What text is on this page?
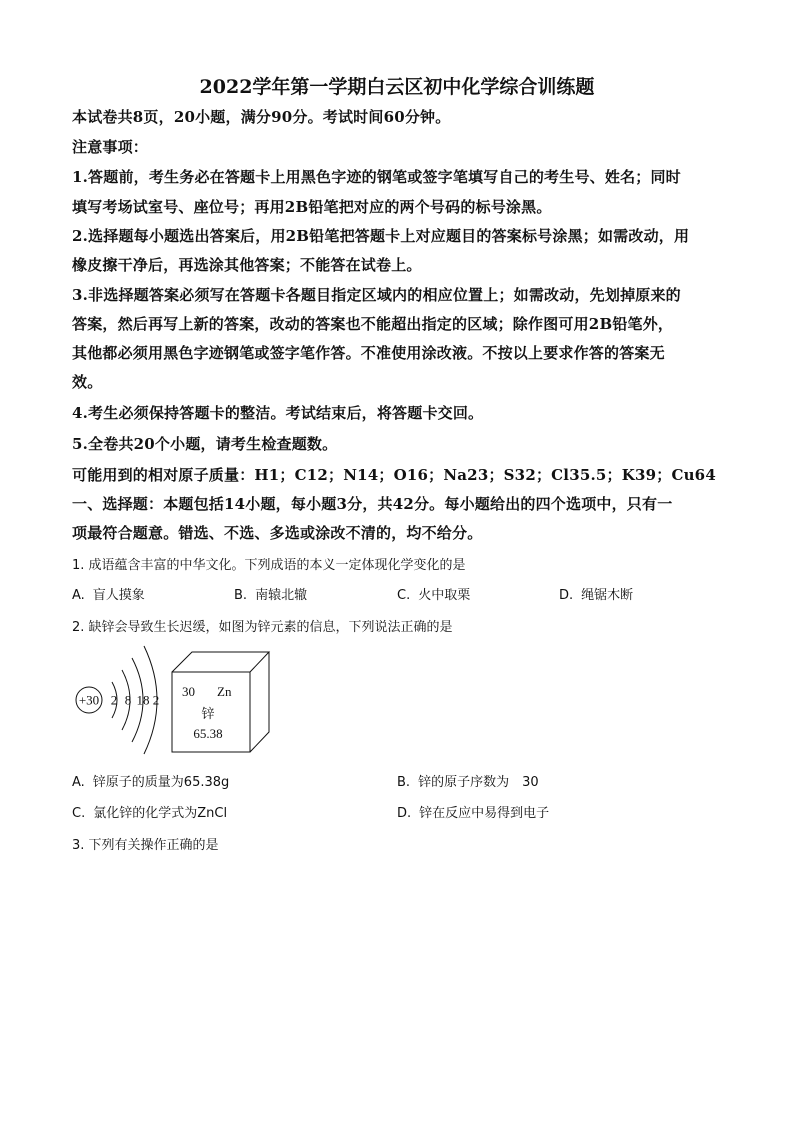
2022学年第一学期白云区初中化学综合训练题
本试卷共8页，20小题，满分90分。考试时间60分钟。
注意事项：
1.答题前，考生务必在答题卡上用黑色字迹的钢笔或签字笔填写自己的考生号、姓名；同时
填写考场试室号、座位号；再用2B铅笔把对应的两个号码的标号涂黑。
2.选择题每小题选出答案后，用2B铅笔把答题卡上对应题目的答案标号涂黑；如需改动，用
橡皮擦干净后，再选涂其他答案；不能答在试卷上。
3.非选择题答案必须写在答题卡各题目指定区域内的相应位置上；如需改动，先划掉原来的
答案，然后再写上新的答案，改动的答案也不能超出指定的区域；除作图可用2B铅笔外，
其他都必须用黑色字迹钢笔或签字笔作答。不准使用涂改液。不按以上要求作答的答案无
效。
4.考生必须保持答题卡的整洁。考试结束后，将答题卡交回。
5.全卷共20个小题，请考生检查题数。
可能用到的相对原子质量：H1；C12；N14；O16；Na23；S32；Cl35.5；K39；Cu64
一、选择题：本题包括14小题，每小题3分，共42分。每小题给出的四个选项中，只有一
项最符合题意。错选、不选、多选或涂改不清的，均不给分。
1. 成语蕴含丰富的中华文化。下列成语的本义一定体现化学变化的是
A. 盲人摸象	B. 南辕北辙	C. 火中取栗	D. 绳锯木断
2. 缺锌会导致生长迟缓，如图为锌元素的信息，下列说法正确的是
+30 2 8 18 2
30 Zn
锌
65.38
A. 锌原子的质量为65.38g	B. 锌的原子序数为　30
C. 氯化锌的化学式为ZnCl	D. 锌在反应中易得到电子
3. 下列有关操作正确的是
